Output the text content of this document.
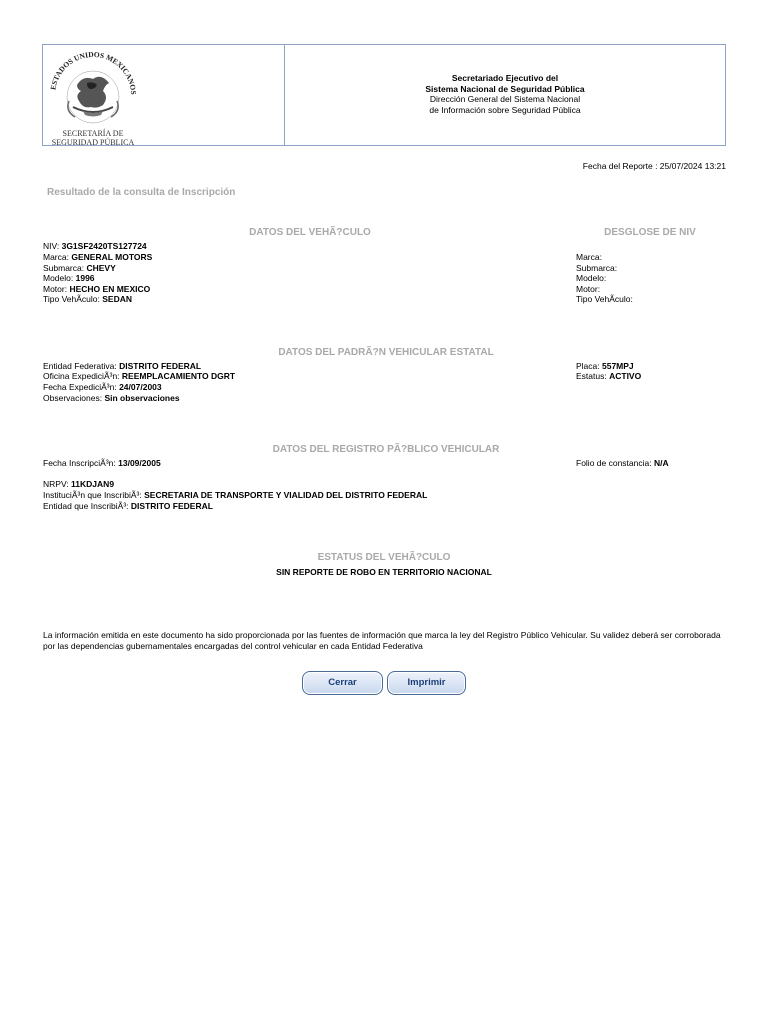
ESTADOS UNIDOS MEXICANOS
SECRETARÍA DE
SEGURIDAD PÚBLICA
Secretariado Ejecutivo del
Sistema Nacional de Seguridad Pública
Dirección General del Sistema Nacional
de Información sobre Seguridad Pública
Fecha del Reporte : 25/07/2024 13:21
Resultado de la consulta de Inscripción
DATOS DEL VEHÃ?CULO	DESGLOSE DE NIV
NIV: 3G1SF2420TS127724
Marca: GENERAL MOTORS
Submarca: CHEVY
Modelo: 1996
Motor: HECHO EN MEXICO
Tipo VehÃculo: SEDAN
Marca:
Submarca:
Modelo:
Motor:
Tipo VehÃculo:
DATOS DEL PADRÃ?N VEHICULAR ESTATAL
Entidad Federativa: DISTRITO FEDERAL
Oficina ExpediciÃ³n: REEMPLACAMIENTO DGRT
Fecha ExpediciÃ³n: 24/07/2003
Observaciones: Sin observaciones
Placa: 557MPJ
Estatus: ACTIVO
DATOS DEL REGISTRO PÃ?BLICO VEHICULAR
Fecha InscripciÃ³n: 13/09/2005	Folio de constancia: N/A
NRPV: 11KDJAN9
InstituciÃ³n que InscribiÃ³: SECRETARIA DE TRANSPORTE Y VIALIDAD DEL DISTRITO FEDERAL
Entidad que InscribiÃ³: DISTRITO FEDERAL
ESTATUS DEL VEHÃ?CULO
SIN REPORTE DE ROBO EN TERRITORIO NACIONAL
La información emitida en este documento ha sido proporcionada por las fuentes de información que marca la ley del Registro Público Vehicular. Su validez deberá ser corroborada por las dependencias gubernamentales encargadas del control vehicular en cada Entidad Federativa
Cerrar	Imprimir
